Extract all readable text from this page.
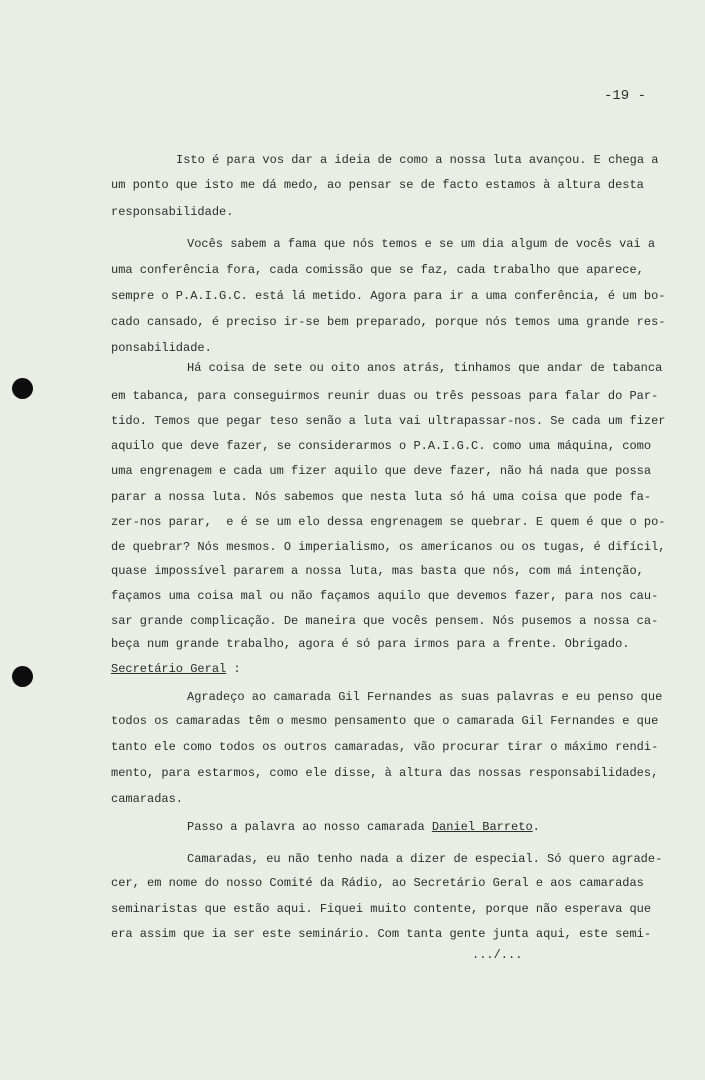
-19 -
Isto é para vos dar a ideia de como a nossa luta avançou. E chega a
um ponto que isto me dá medo, ao pensar se de facto estamos à altura desta
responsabilidade.
Vocês sabem a fama que nós temos e se um dia algum de vocês vai a
uma conferência fora, cada comissão que se faz, cada trabalho que aparece,
sempre o P.A.I.G.C. está lá metido. Agora para ir a uma conferência, é um bo-
cado cansado, é preciso ir-se bem preparado, porque nós temos uma grande res-
ponsabilidade.
Há coisa de sete ou oito anos atrás, tinhamos que andar de tabanca
em tabanca, para conseguirmos reunir duas ou três pessoas para falar do Par-
tido. Temos que pegar teso senão a luta vai ultrapassar-nos. Se cada um fizer
aquilo que deve fazer, se considerarmos o P.A.I.G.C. como uma máquina, como
uma engrenagem e cada um fizer aquilo que deve fazer, não há nada que possa
parar a nossa luta. Nós sabemos que nesta luta só há uma coisa que pode fa-
zer-nos parar,  e é se um elo dessa engrenagem se quebrar. E quem é que o po-
de quebrar? Nós mesmos. O imperialismo, os americanos ou os tugas, é difícil,
quase impossível pararem a nossa luta, mas basta que nós, com má intenção,
façamos uma coisa mal ou não façamos aquilo que devemos fazer, para nos cau-
sar grande complicação. De maneira que vocês pensem. Nós pusemos a nossa ca-
beça num grande trabalho, agora é só para irmos para a frente. Obrigado.
Agradeço ao camarada Gil Fernandes as suas palavras e eu penso que
todos os camaradas têm o mesmo pensamento que o camarada Gil Fernandes e que
tanto ele como todos os outros camaradas, vão procurar tirar o máximo rendi-
mento, para estarmos, como ele disse, à altura das nossas responsabilidades,
camaradas.
Camaradas, eu não tenho nada a dizer de especial. Só quero agrade-
cer, em nome do nosso Comité da Rádio, ao Secretário Geral e aos camaradas
seminaristas que estão aqui. Fiquei muito contente, porque não esperava que
era assim que ia ser este seminário. Com tanta gente junta aqui, este semi-
Secretário Geral :
Passo a palavra ao nosso camarada Daniel Barreto.
.../...
